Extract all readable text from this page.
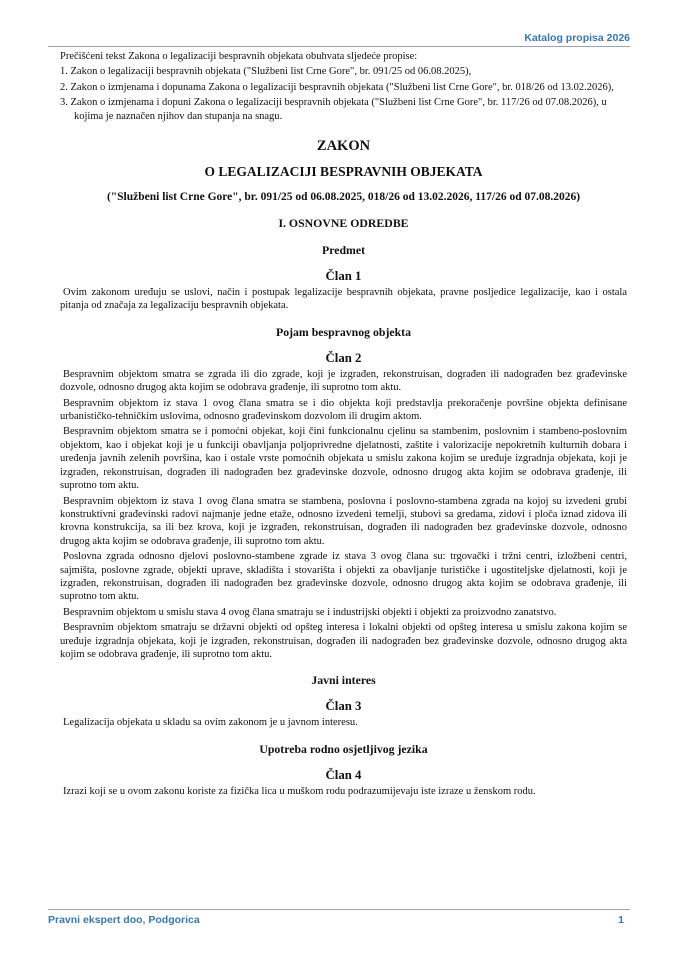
Katalog propisa 2026

Prečišćeni tekst Zakona o legalizaciji bespravnih objekata obuhvata sljedeće propise:

1. Zakon o legalizaciji bespravnih objekata ("Službeni list Crne Gore", br. 091/25 od 06.08.2025),

2. Zakon o izmjenama i dopunama Zakona o legalizaciji bespravnih objekata ("Službeni list Crne Gore", br. 018/26 od 13.02.2026),

3. Zakon o izmjenama i dopuni Zakona o legalizaciji bespravnih objekata ("Službeni list Crne Gore", br. 117/26 od 07.08.2026), u kojima je naznačen njihov dan stupanja na snagu.

ZAKON
O LEGALIZACIJI BESPRAVNIH OBJEKATA
("Službeni list Crne Gore", br. 091/25 od 06.08.2025, 018/26 od 13.02.2026, 117/26 od 07.08.2026)
I. OSNOVNE ODREDBE
Predmet
Član 1

Ovim zakonom uređuju se uslovi, način i postupak legalizacije bespravnih objekata, pravne posljedice legalizacije, kao i ostala pitanja od značaja za legalizaciju bespravnih objekata.

Pojam bespravnog objekta
Član 2

Bespravnim objektom smatra se zgrada ili dio zgrade, koji je izgrađen, rekonstruisan, dograđen ili nadograđen bez građevinske dozvole, odnosno drugog akta kojim se odobrava građenje, ili suprotno tom aktu.

Bespravnim objektom iz stava 1 ovog člana smatra se i dio objekta koji predstavlja prekoračenje površine objekta definisane urbanističko-tehničkim uslovima, odnosno građevinskom dozvolom ili drugim aktom.

Bespravnim objektom smatra se i pomoćni objekat, koji čini funkcionalnu cjelinu sa stambenim, poslovnim i stambeno-poslovnim objektom, kao i objekat koji je u funkciji obavljanja poljoprivredne djelatnosti, zaštite i valorizacije nepokretnih kulturnih dobara i uređenja javnih zelenih površina, kao i ostale vrste pomoćnih objekata u smislu zakona kojim se uređuje izgradnja objekata, koji je izgrađen, rekonstruisan, dograđen ili nadograđen bez građevinske dozvole, odnosno drugog akta kojim se odobrava građenje, ili suprotno tom aktu.

Bespravnim objektom iz stava 1 ovog člana smatra se stambena, poslovna i poslovno-stambena zgrada na kojoj su izvedeni grubi konstruktivni građevinski radovi najmanje jedne etaže, odnosno izvedeni temelji, stubovi sa gredama, zidovi i ploča iznad zidova ili krovna konstrukcija, sa ili bez krova, koji je izgrađen, rekonstruisan, dograđen ili nadograđen bez građevinske dozvole, odnosno drugog akta kojim se odobrava građenje, ili suprotno tom aktu.

Poslovna zgrada odnosno djelovi poslovno-stambene zgrade iz stava 3 ovog člana su: trgovački i tržni centri, izložbeni centri, sajmišta, poslovne zgrade, objekti uprave, skladišta i stovarišta i objekti za obavljanje turističke i ugostiteljske djelatnosti, koji je izgrađen, rekonstruisan, dograđen ili nadograđen bez građevinske dozvole, odnosno drugog akta kojim se odobrava građenje, ili suprotno tom aktu.

Bespravnim objektom u smislu stava 4 ovog člana smatraju se i industrijski objekti i objekti za proizvodno zanatstvo.

Bespravnim objektom smatraju se državni objekti od opšteg interesa i lokalni objekti od opšteg interesa u smislu zakona kojim se uređuje izgradnja objekata, koji je izgrađen, rekonstruisan, dograđen ili nadograđen bez građevinske dozvole, odnosno drugog akta kojim se odobrava građenje, ili suprotno tom aktu.

Javni interes
Član 3

Legalizacija objekata u skladu sa ovim zakonom je u javnom interesu.

Upotreba rodno osjetljivog jezika
Član 4

Izrazi koji se u ovom zakonu koriste za fizička lica u muškom rodu podrazumijevaju iste izraze u ženskom rodu.

Pravni ekspert doo, Podgorica	1
